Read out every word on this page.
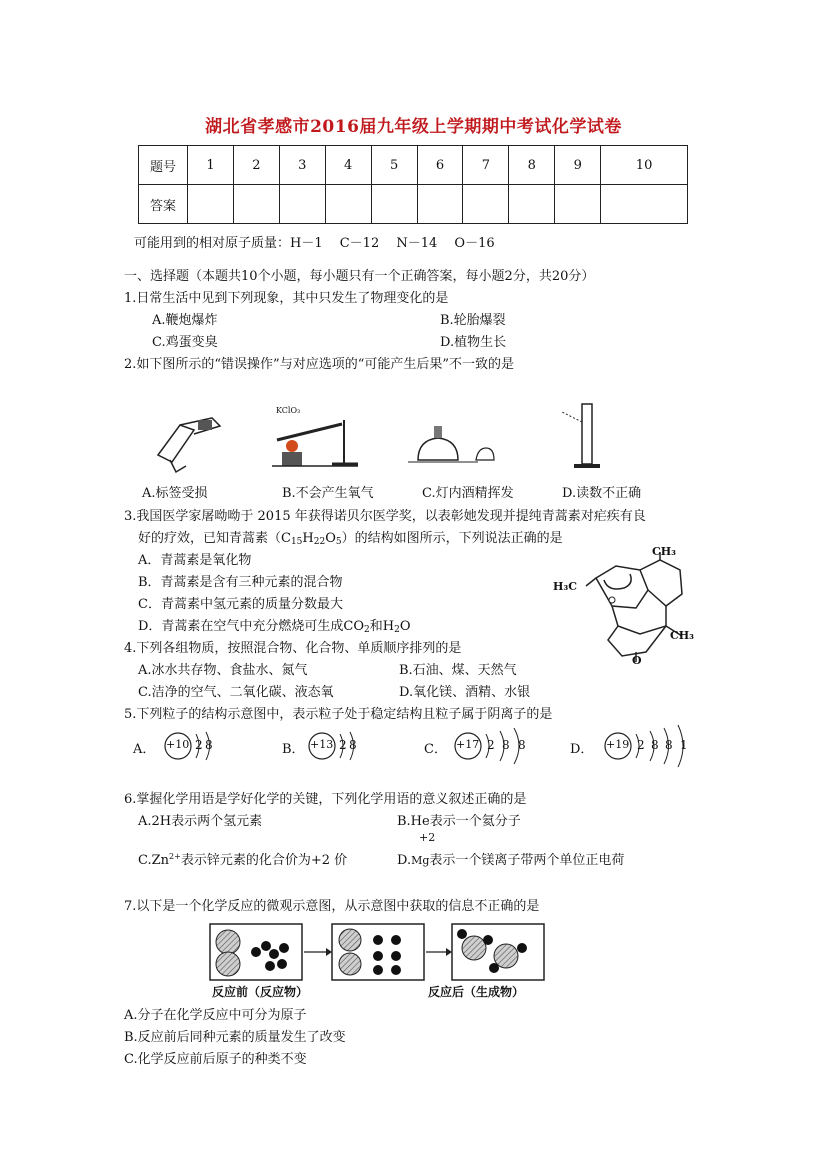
湖北省孝感市2016届九年级上学期期中考试化学试卷
题号	1	2	3	4	5	6	7	8	9	10
答案										
可能用到的相对原子质量：H－1　 C－12　 N－14　 O－16
一、选择题（本题共10个小题，每小题只有一个正确答案，每小题2分，共20分）
1.日常生活中见到下列现象，其中只发生了物理变化的是
A.鞭炮爆炸	B.轮胎爆裂
C.鸡蛋变臭	D.植物生长
2.如下图所示的“错误操作”与对应选项的“可能产生后果”不一致的是
KClO₃
A.标签受损	B.不会产生氧气	C.灯内酒精挥发	D.读数不正确
3.我国医学家屠呦呦于 2015 年获得诺贝尔医学奖，以表彰她发现并提纯青蒿素对疟疾有良
好的疗效，已知青蒿素$(C_{15}H_{22}O_5)$的结构如图所示，下列说法正确的是
A．青蒿素是氧化物
B．青蒿素是含有三种元素的混合物
C．青蒿素中氢元素的质量分数最大
D．青蒿素在空气中充分燃烧可生成$CO_2$和$H_2O$
CH₃
H₃C
CH₃
O
4.下列各组物质，按照混合物、化合物、单质顺序排列的是
A.冰水共存物、食盐水、氮气	B.石油、煤、天然气
C.洁净的空气、二氧化碳、液态氧	D.氧化镁、酒精、水银
5.下列粒子的结构示意图中，表示粒子处于稳定结构且粒子属于阴离子的是
A． +10 2 8	B． +13 2 8	C． +17 2 8 8	D． +19 2 8 8 1
6.掌握化学用语是学好化学的关键，下列化学用语的意义叙述正确的是
A.2H表示两个氢元素	B.He表示一个氦分子
$C.Zn^{2+}$表示锌元素的化合价为+2 价
+2
D.Mg表示一个镁离子带两个单位正电荷
7.以下是一个化学反应的微观示意图，从示意图中获取的信息不正确的是
反应前（反应物）	反应后（生成物）
A.分子在化学反应中可分为原子
B.反应前后同种元素的质量发生了改变
C.化学反应前后原子的种类不变
